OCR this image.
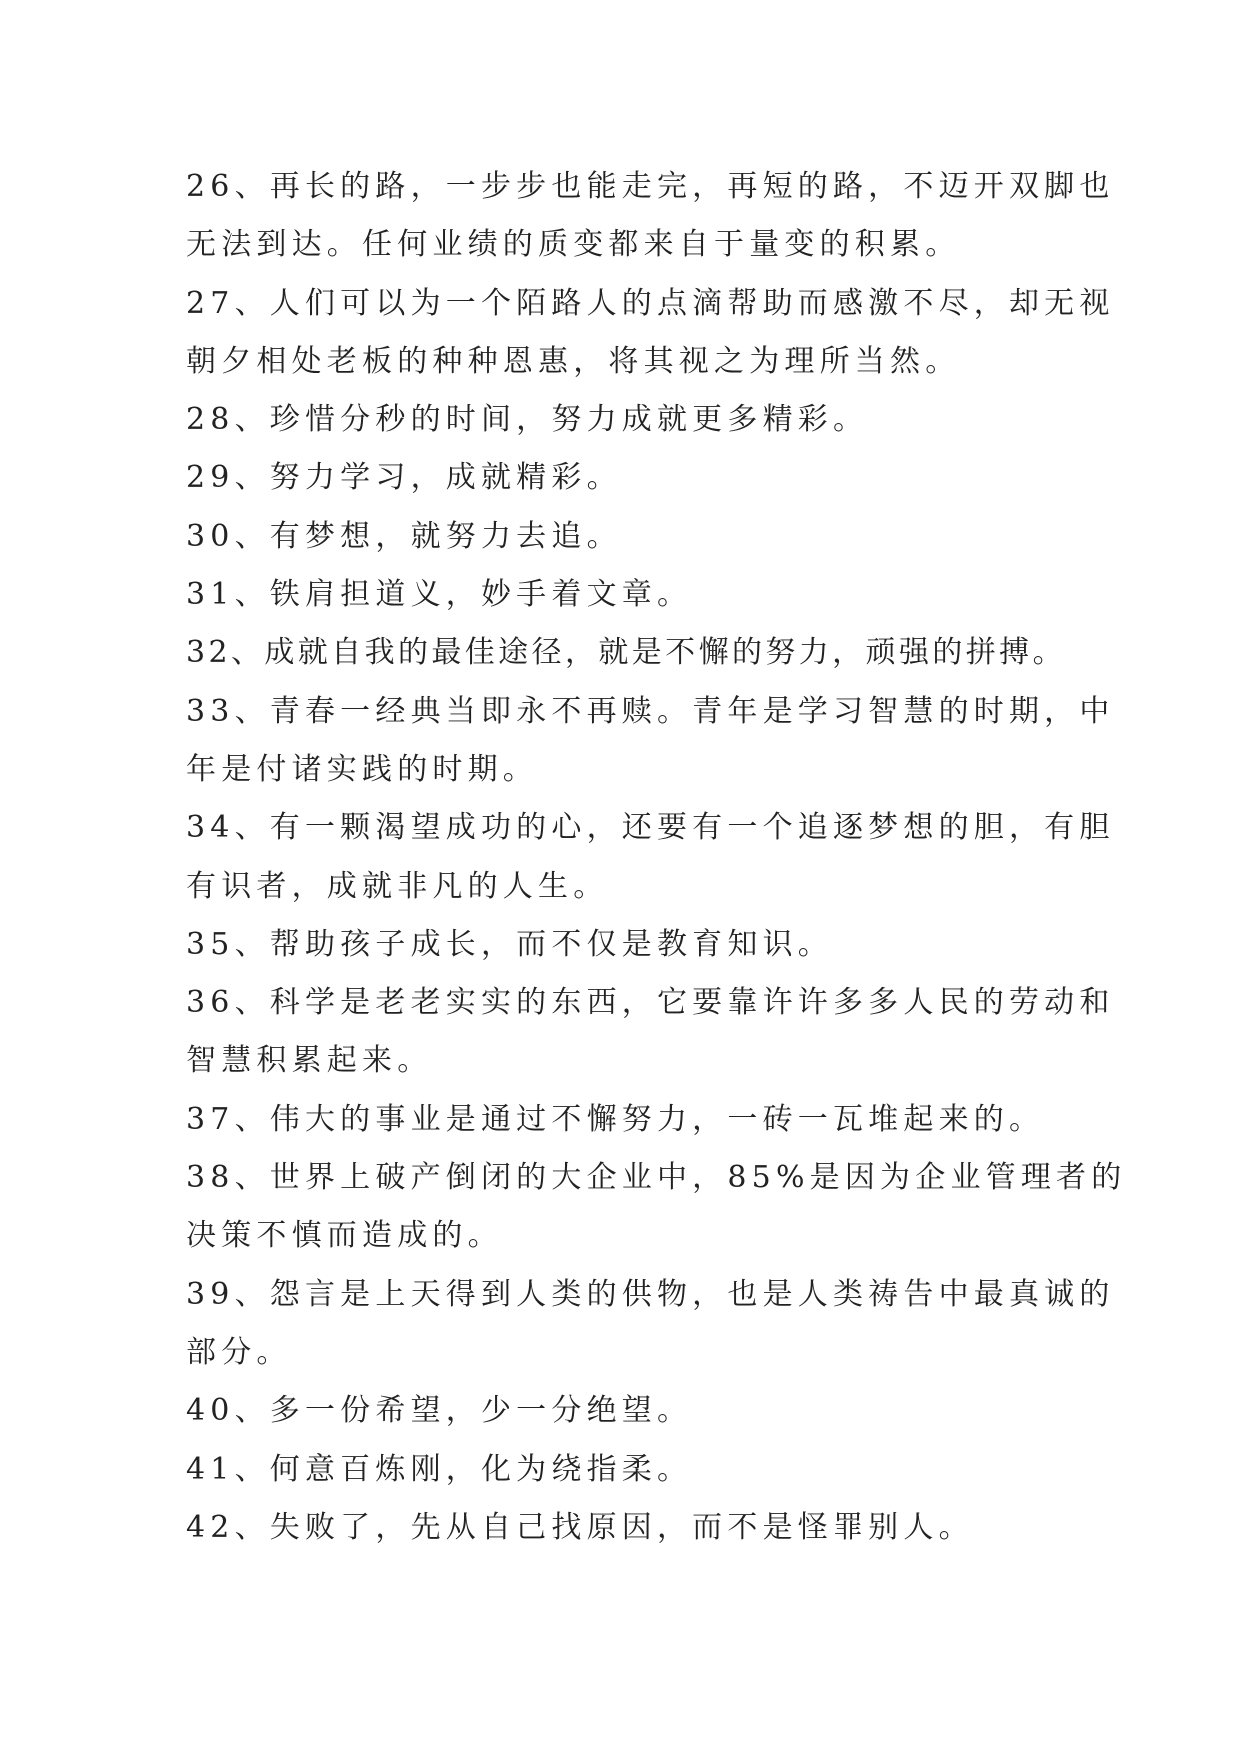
26、再长的路，一步步也能走完，再短的路，不迈开双脚也
无法到达。任何业绩的质变都来自于量变的积累。
27、人们可以为一个陌路人的点滴帮助而感激不尽，却无视
朝夕相处老板的种种恩惠，将其视之为理所当然。
28、珍惜分秒的时间，努力成就更多精彩。
29、努力学习，成就精彩。
30、有梦想，就努力去追。
31、铁肩担道义，妙手着文章。
32、成就自我的最佳途径，就是不懈的努力，顽强的拼搏。
33、青春一经典当即永不再赎。青年是学习智慧的时期，中
年是付诸实践的时期。
34、有一颗渴望成功的心，还要有一个追逐梦想的胆，有胆
有识者，成就非凡的人生。
35、帮助孩子成长，而不仅是教育知识。
36、科学是老老实实的东西，它要靠许许多多人民的劳动和
智慧积累起来。
37、伟大的事业是通过不懈努力，一砖一瓦堆起来的。
38、世界上破产倒闭的大企业中，85%是因为企业管理者的
决策不慎而造成的。
39、怨言是上天得到人类的供物，也是人类祷告中最真诚的
部分。
40、多一份希望，少一分绝望。
41、何意百炼刚，化为绕指柔。
42、失败了，先从自己找原因，而不是怪罪别人。
